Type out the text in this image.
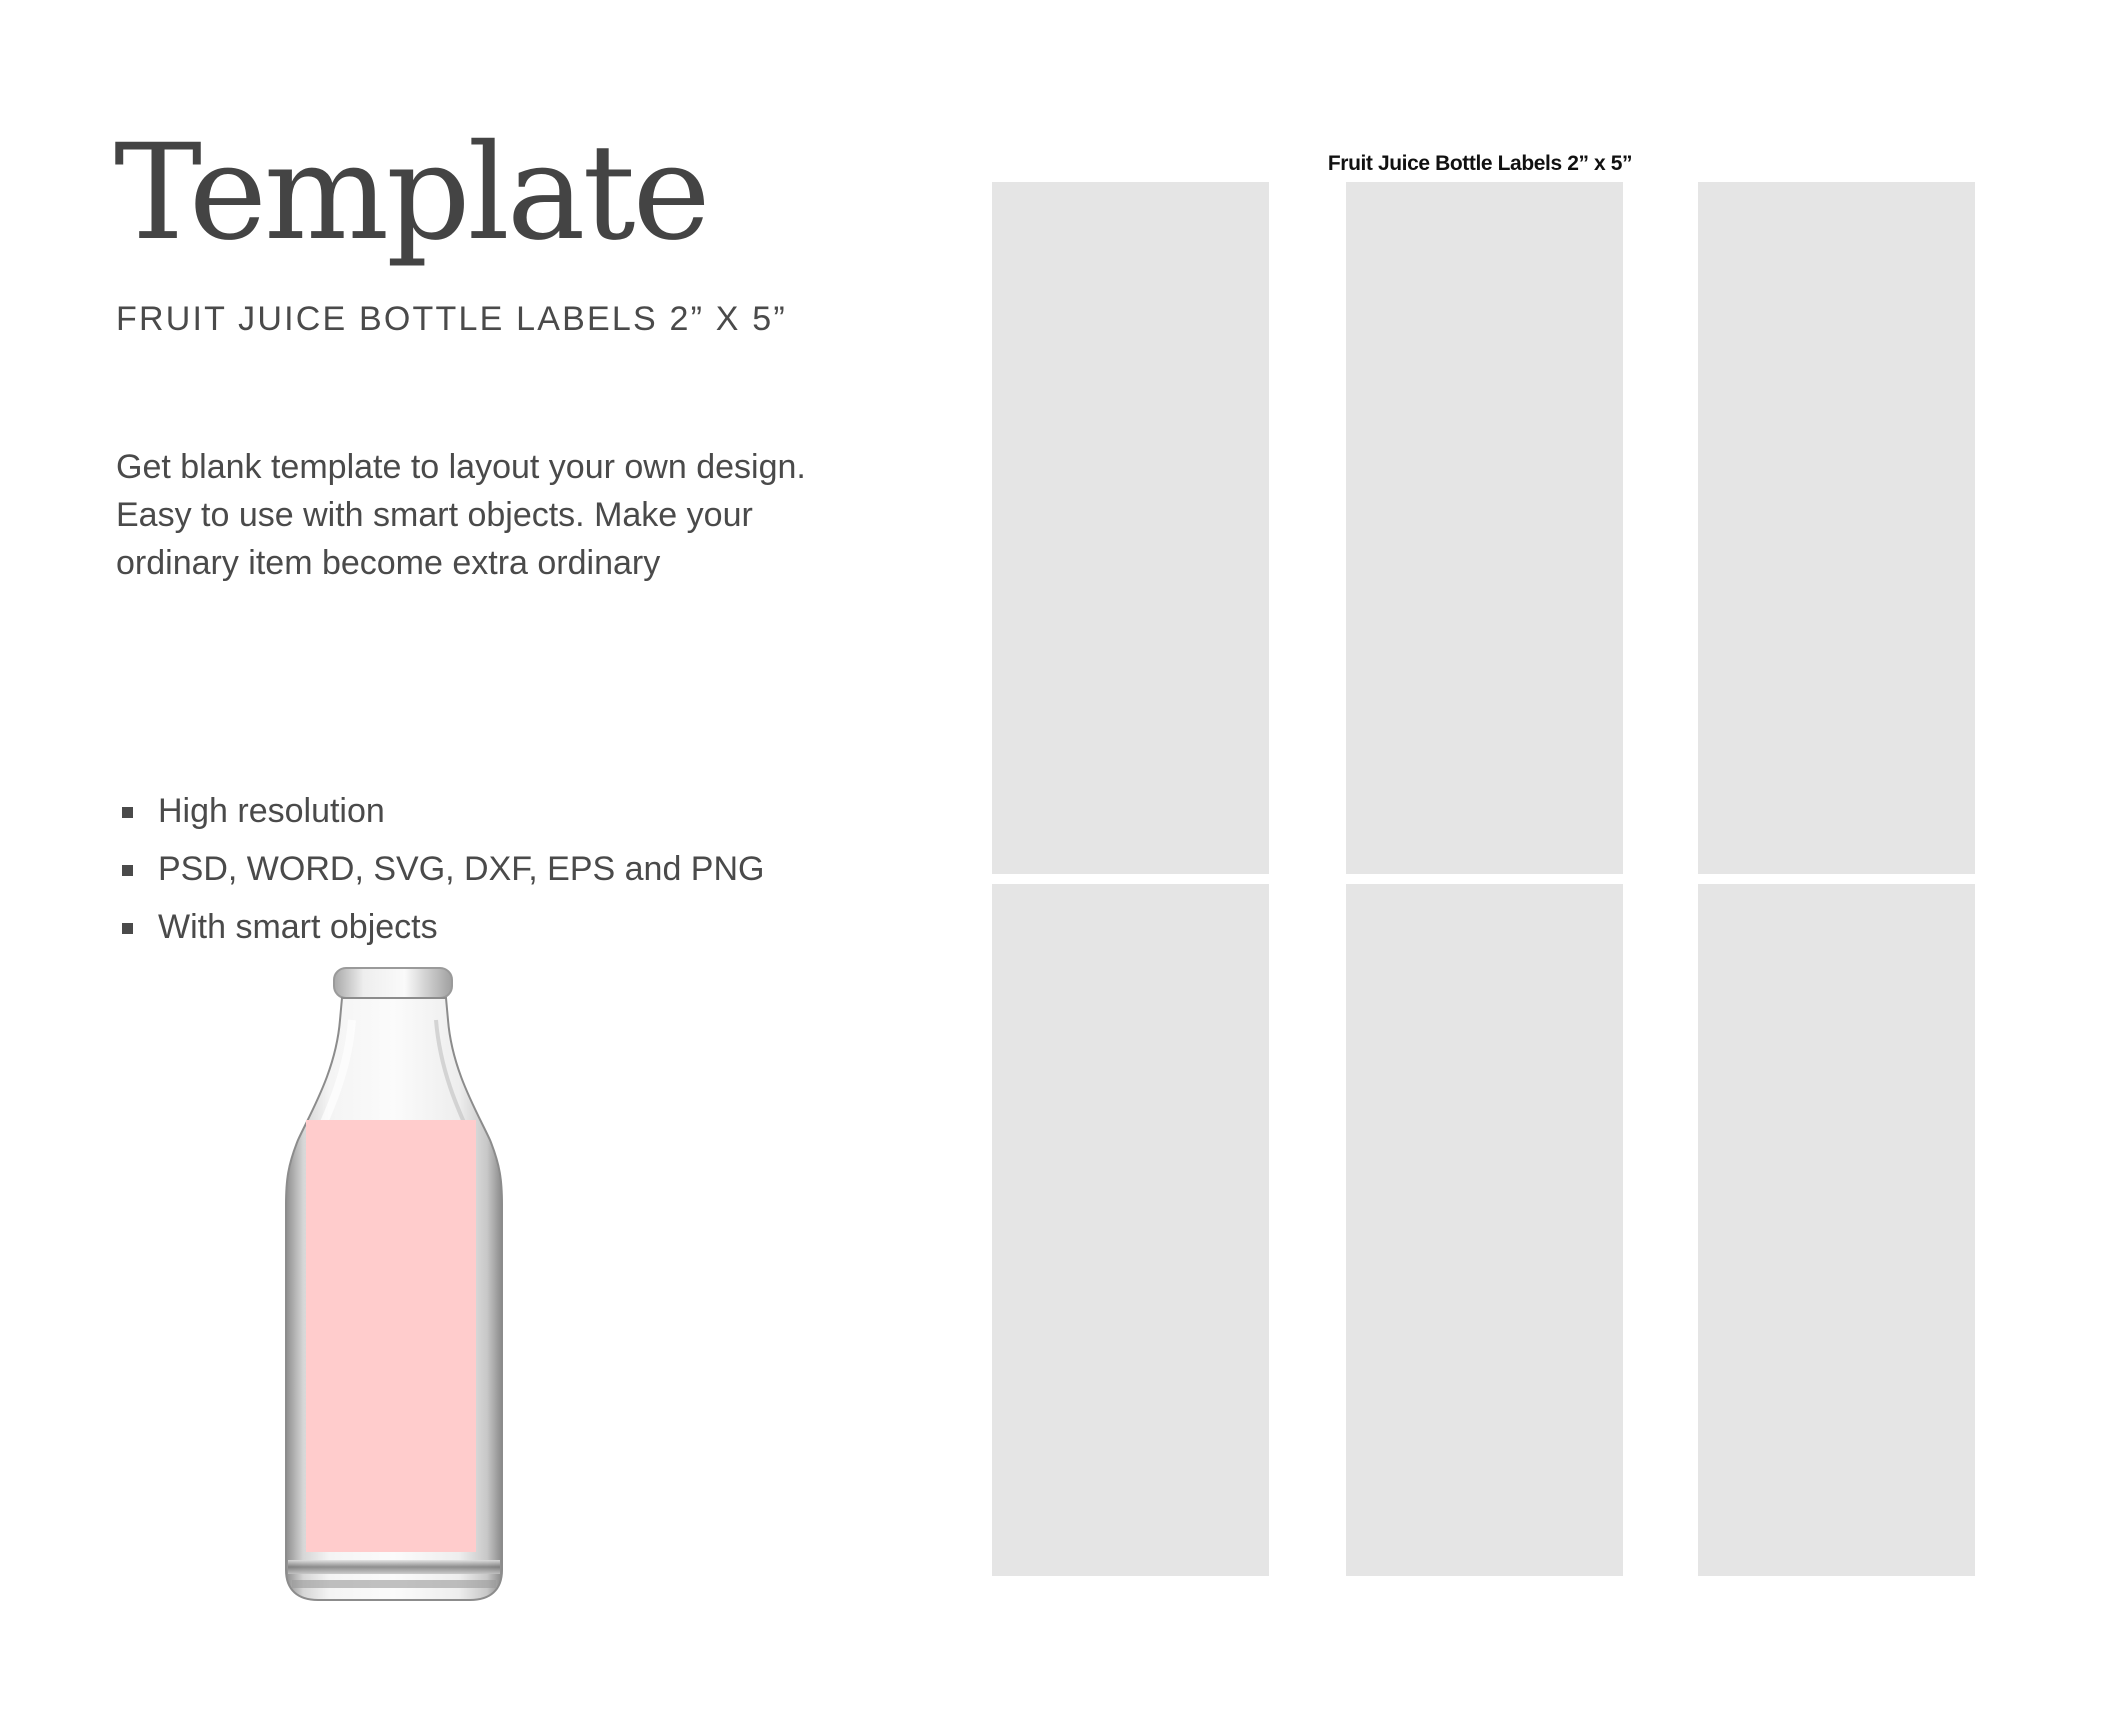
Template
FRUIT JUICE BOTTLE LABELS 2” X 5”

Get blank template to layout your own design. Easy to use with smart objects. Make your ordinary item become extra ordinary

High resolution
PSD, WORD, SVG, DXF, EPS and PNG
With smart objects
Fruit Juice Bottle Labels 2” x 5”
